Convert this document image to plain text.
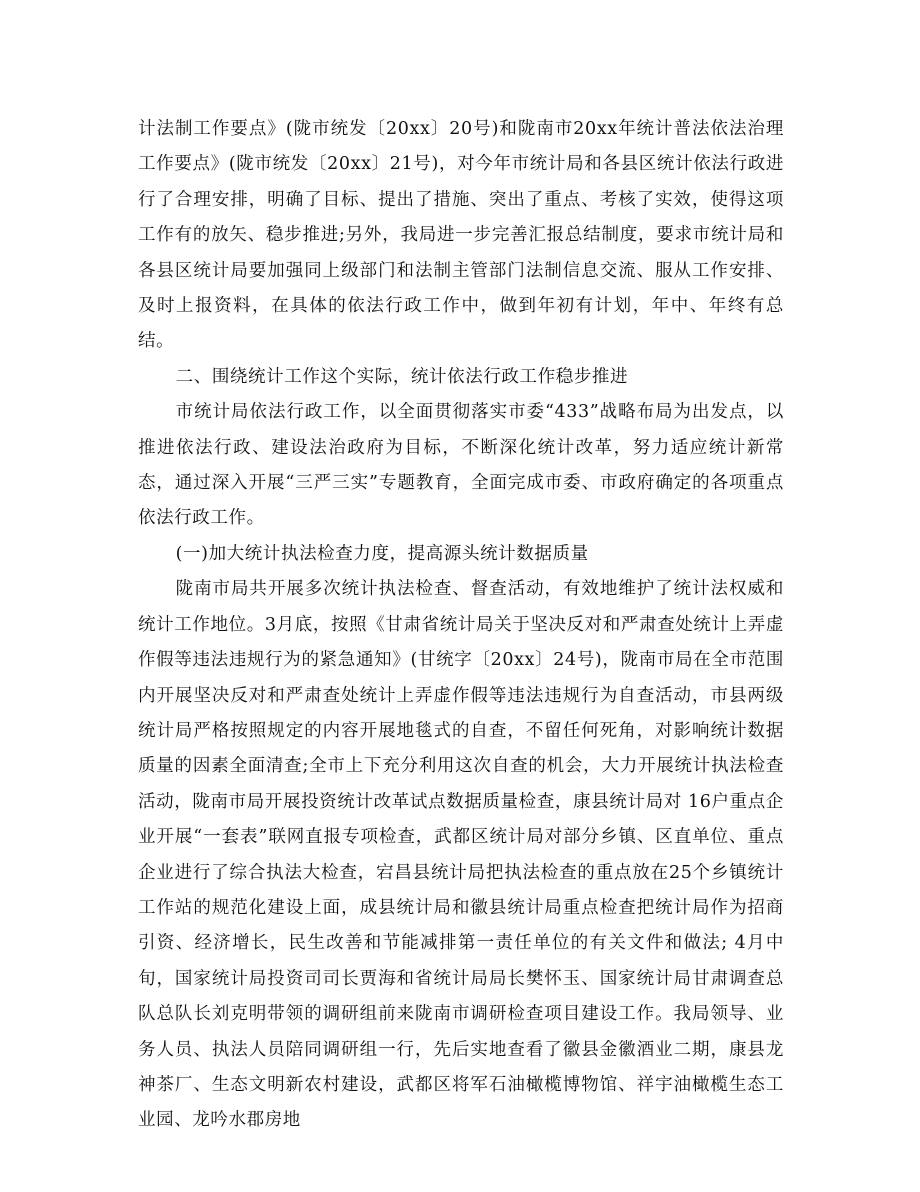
计法制工作要点》(陇市统发〔20xx〕20号)和陇南市20xx年统计普法依法治理工作要点》(陇市统发〔20xx〕21号)，对今年市统计局和各县区统计依法行政进行了合理安排，明确了目标、提出了措施、突出了重点、考核了实效，使得这项工作有的放矢、稳步推进;另外，我局进一步完善汇报总结制度，要求市统计局和各县区统计局要加强同上级部门和法制主管部门法制信息交流、服从工作安排、及时上报资料，在具体的依法行政工作中，做到年初有计划，年中、年终有总结。

二、围绕统计工作这个实际，统计依法行政工作稳步推进

市统计局依法行政工作，以全面贯彻落实市委“433”战略布局为出发点，以推进依法行政、建设法治政府为目标，不断深化统计改革，努力适应统计新常态，通过深入开展“三严三实”专题教育，全面完成市委、市政府确定的各项重点依法行政工作。

(一)加大统计执法检查力度，提高源头统计数据质量

陇南市局共开展多次统计执法检查、督查活动，有效地维护了统计法权威和统计工作地位。3月底，按照《甘肃省统计局关于坚决反对和严肃查处统计上弄虚作假等违法违规行为的紧急通知》(甘统字〔20xx〕24号)，陇南市局在全市范围内开展坚决反对和严肃查处统计上弄虚作假等违法违规行为自查活动，市县两级统计局严格按照规定的内容开展地毯式的自查，不留任何死角，对影响统计数据质量的因素全面清查;全市上下充分利用这次自查的机会，大力开展统计执法检查活动，陇南市局开展投资统计改革试点数据质量检查，康县统计局对 16户重点企业开展“一套表”联网直报专项检查，武都区统计局对部分乡镇、区直单位、重点企业进行了综合执法大检查，宕昌县统计局把执法检查的重点放在25个乡镇统计工作站的规范化建设上面，成县统计局和徽县统计局重点检查把统计局作为招商引资、经济增长，民生改善和节能减排第一责任单位的有关文件和做法; 4月中旬，国家统计局投资司司长贾海和省统计局局长樊怀玉、国家统计局甘肃调查总队总队长刘克明带领的调研组前来陇南市调研检查项目建设工作。我局领导、业务人员、执法人员陪同调研组一行，先后实地查看了徽县金徽酒业二期，康县龙神茶厂、生态文明新农村建设，武都区将军石油橄榄博物馆、祥宇油橄榄生态工业园、龙吟水郡房地
